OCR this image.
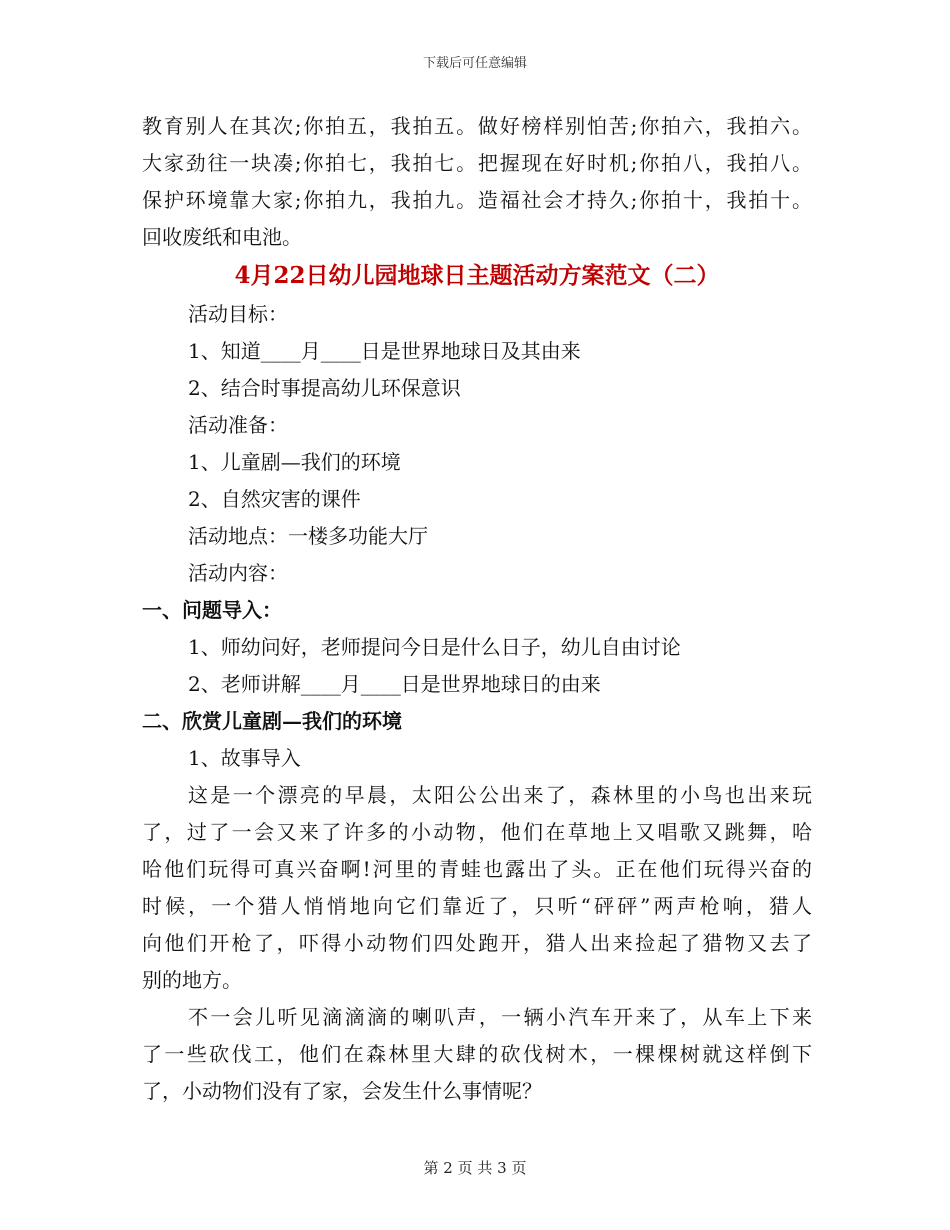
下载后可任意编辑
教育别人在其次;你拍五，我拍五。做好榜样别怕苦;你拍六，我拍六。
大家劲往一块凑;你拍七，我拍七。把握现在好时机;你拍八，我拍八。
保护环境靠大家;你拍九，我拍九。造福社会才持久;你拍十，我拍十。
回收废纸和电池。
4月22日幼儿园地球日主题活动方案范文（二）
活动目标：
1、知道____月____日是世界地球日及其由来
2、结合时事提高幼儿环保意识
活动准备：
1、儿童剧—我们的环境
2、自然灾害的课件
活动地点：一楼多功能大厅
活动内容：
一、问题导入：
1、师幼问好，老师提问今日是什么日子，幼儿自由讨论
2、老师讲解____月____日是世界地球日的由来
二、欣赏儿童剧—我们的环境
1、故事导入
这是一个漂亮的早晨，太阳公公出来了，森林里的小鸟也出来玩
了，过了一会又来了许多的小动物，他们在草地上又唱歌又跳舞，哈
哈他们玩得可真兴奋啊!河里的青蛙也露出了头。正在他们玩得兴奋的
时候，一个猎人悄悄地向它们靠近了，只听“砰砰”两声枪响，猎人
向他们开枪了，吓得小动物们四处跑开，猎人出来捡起了猎物又去了
别的地方。
不一会儿听见滴滴滴的喇叭声，一辆小汽车开来了，从车上下来
了一些砍伐工，他们在森林里大肆的砍伐树木，一棵棵树就这样倒下
了，小动物们没有了家，会发生什么事情呢？
第 2 页 共 3 页
